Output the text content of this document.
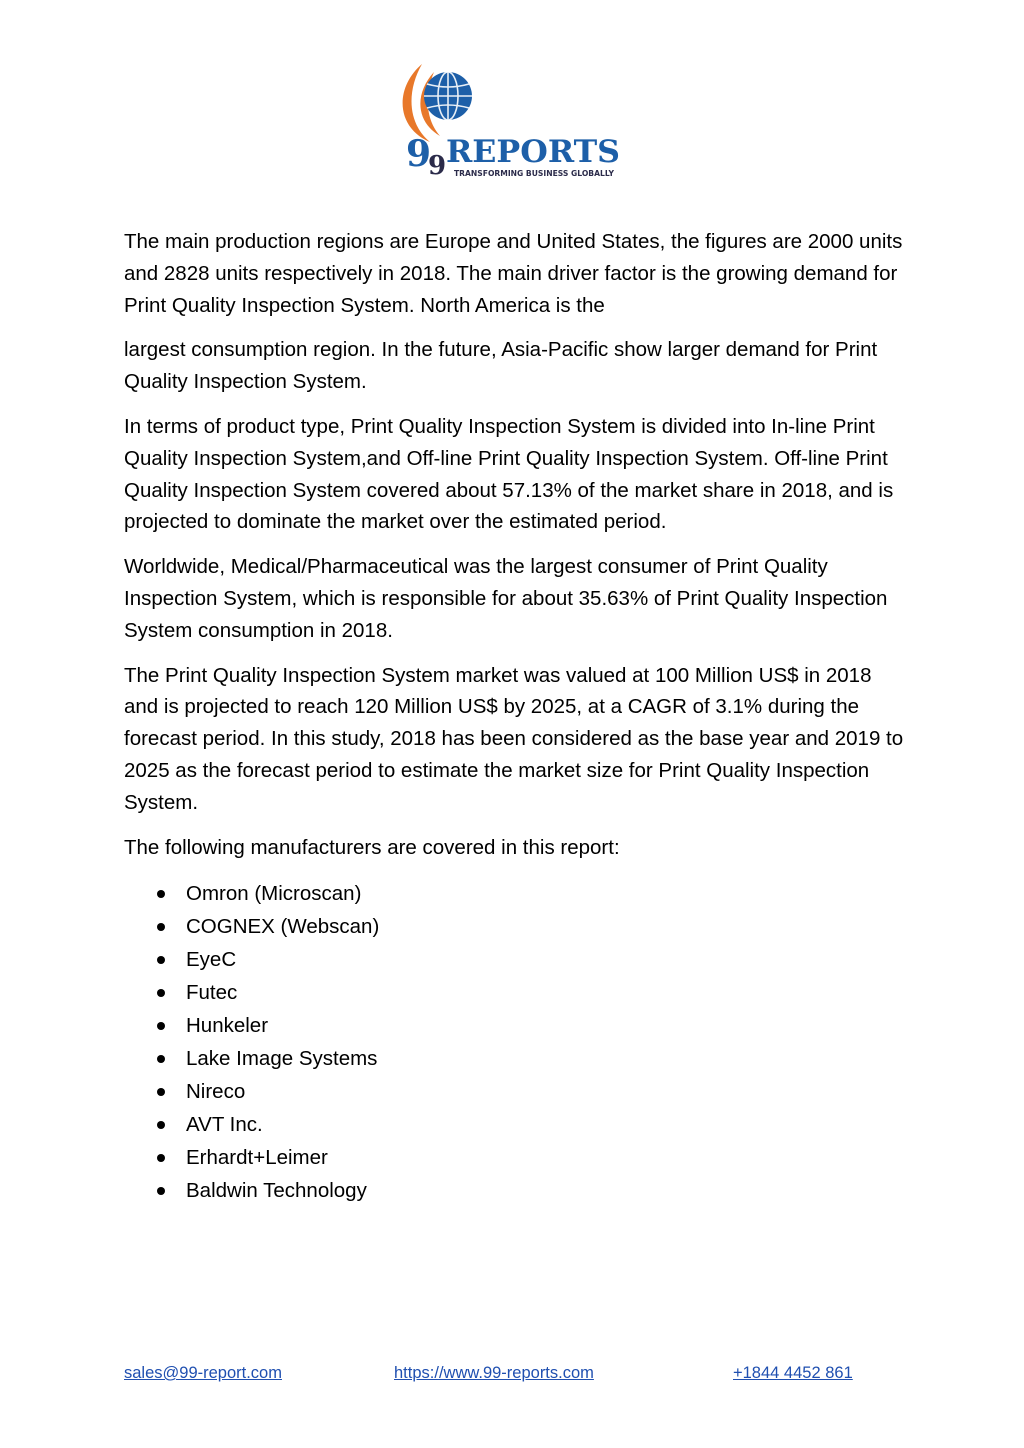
9
9 REPORTS
TRANSFORMING BUSINESS GLOBALLY

The main production regions are Europe and United States, the figures are 2000 units and 2828 units respectively in 2018. The main driver factor is the growing demand for Print Quality Inspection System. North America is the

largest consumption region. In the future, Asia-Pacific show larger demand for Print Quality Inspection System.

In terms of product type, Print Quality Inspection System is divided into In-line Print Quality Inspection System,and Off-line Print Quality Inspection System. Off-line Print Quality Inspection System covered about 57.13% of the market share in 2018, and is projected to dominate the market over the estimated period.

Worldwide, Medical/Pharmaceutical was the largest consumer of Print Quality Inspection System, which is responsible for about 35.63% of Print Quality Inspection System consumption in 2018.

The Print Quality Inspection System market was valued at 100 Million US$ in 2018 and is projected to reach 120 Million US$ by 2025, at a CAGR of 3.1% during the forecast period. In this study, 2018 has been considered as the base year and 2019 to 2025 as the forecast period to estimate the market size for Print Quality Inspection System.

The following manufacturers are covered in this report:

Omron (Microscan)
COGNEX (Webscan)
EyeC
Futec
Hunkeler
Lake Image Systems
Nireco
AVT Inc.
Erhardt+Leimer
Baldwin Technology
sales@99-report.com	https://www.99-reports.com	+1844 4452 861
